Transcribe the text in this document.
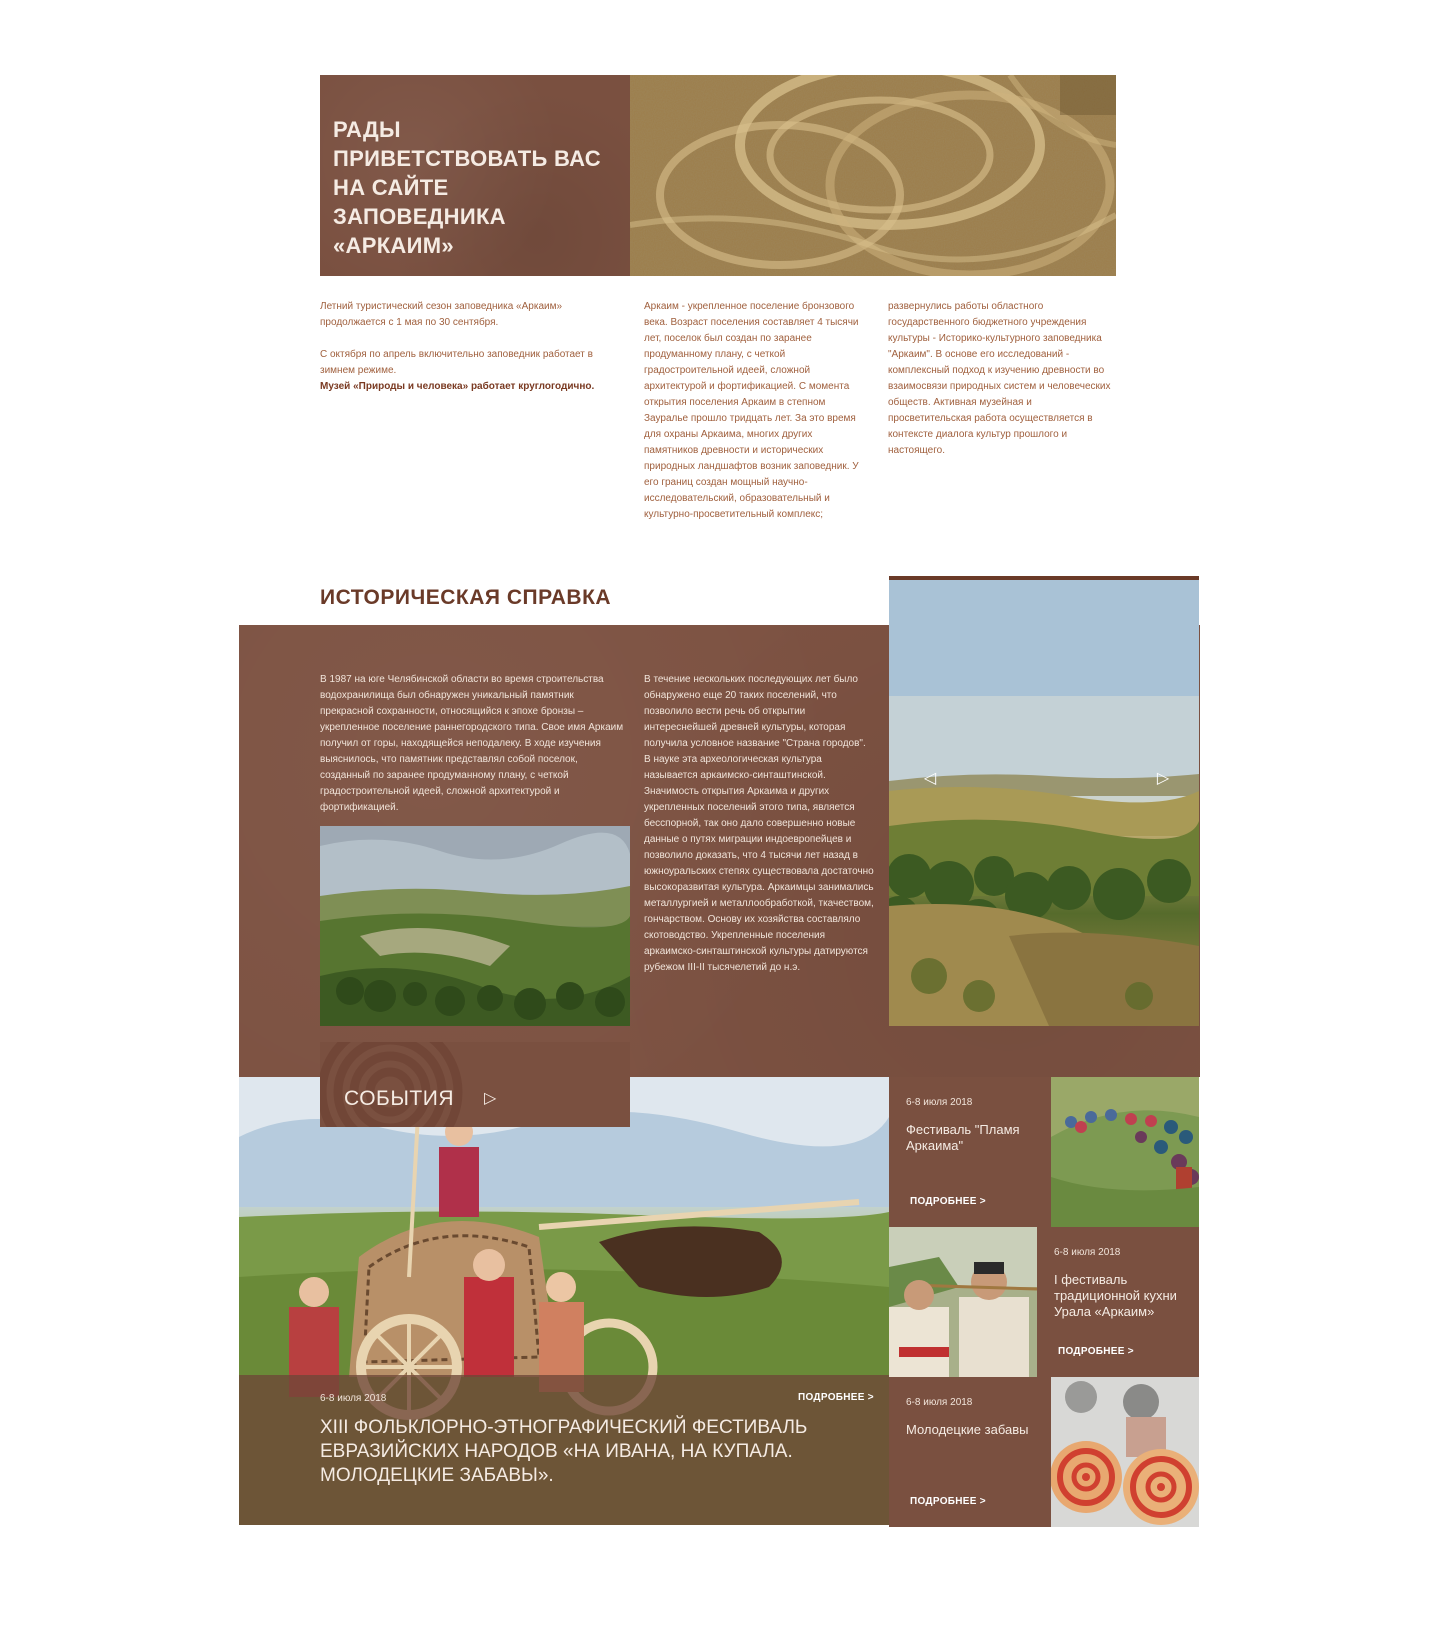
РАДЫ ПРИВЕТСТВОВАТЬ ВАС НА САЙТЕ ЗАПОВЕДНИКА «АРКАИМ»

Летний туристический сезон заповедника «Аркаим» продолжается с 1 мая по 30 сентября.

С октября по апрель включительно заповедник работает в зимнем режиме.

Музей «Природы и человека» работает круглогодично.

Аркаим - укрепленное поселение бронзового века. Возраст поселения составляет 4 тысячи лет, поселок был создан по заранее продуманному плану, с четкой градостроительной идеей, сложной архитектурой и фортификацией. С момента открытия поселения Аркаим в степном Зауралье прошло тридцать лет. За это время для охраны Аркаима, многих других памятников древности и исторических природных ландшафтов возник заповедник. У его границ создан мощный научно-исследовательский, образовательный и культурно-просветительный комплекс;
развернулись работы областного государственного бюджетного учреждения культуры - Историко-культурного заповедника "Аркаим". В основе его исследований - комплексный подход к изучению древности во взаимосвязи природных систем и человеческих обществ. Активная музейная и просветительская работа осуществляется в контексте диалога культур прошлого и настоящего.
ИСТОРИЧЕСКАЯ СПРАВКА
В 1987 на юге Челябинской области во время строительства водохранилища был обнаружен уникальный памятник прекрасной сохранности, относящийся к эпохе бронзы – укрепленное поселение раннегородского типа. Свое имя Аркаим получил от горы, находящейся неподалеку. В ходе изучения выяснилось, что памятник представлял собой поселок, созданный по заранее продуманному плану, с четкой градостроительной идеей, сложной архитектурой и фортификацией.
В течение нескольких последующих лет было обнаружено еще 20 таких поселений, что позволило вести речь об открытии интереснейшей древней культуры, которая получила условное название "Страна городов". В науке эта археологическая культура называется аркаимско-синташтинской. Значимость открытия Аркаима и других укрепленных поселений этого типа, является бесспорной, так оно дало совершенно новые данные о путях миграции индоевропейцев и позволило доказать, что 4 тысячи лет назад в южноуральских степях существовала достаточно высокоразвитая культура. Аркаимцы занимались металлургией и металлообработкой, ткачеством, гончарством. Основу их хозяйства составляло скотоводство. Укрепленные поселения аркаимско-синташтинской культуры датируются рубежом III-II тысячелетий до н.э.
◁	▷
СОБЫТИЯ ▷
6-8 июля 2018	ПОДРОБНЕЕ >
XIII ФОЛЬКЛОРНО-ЭТНОГРАФИЧЕСКИЙ ФЕСТИВАЛЬ ЕВРАЗИЙСКИХ НАРОДОВ «НА ИВАНА, НА КУПАЛА. МОЛОДЕЦКИЕ ЗАБАВЫ».
6-8 июля 2018
Фестиваль "Пламя Аркаима"
ПОДРОБНЕЕ >
6-8 июля 2018
I фестиваль традиционной кухни Урала «Аркаим»
ПОДРОБНЕЕ >
6-8 июля 2018
Молодецкие забавы
ПОДРОБНЕЕ >
